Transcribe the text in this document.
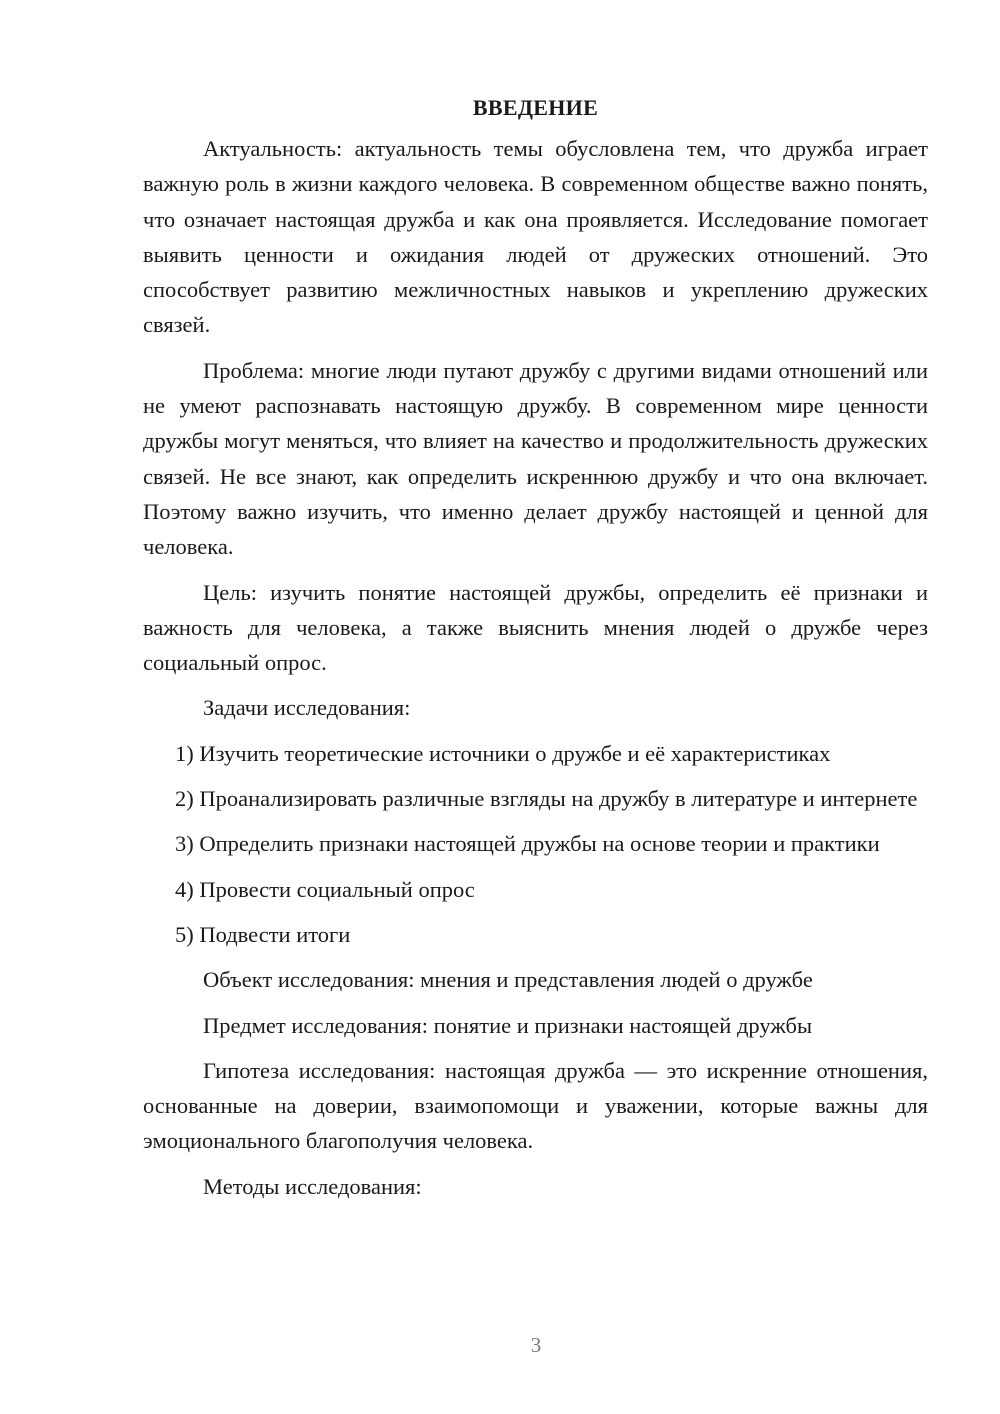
ВВЕДЕНИЕ

Актуальность: актуальность темы обусловлена тем, что дружба играет важную роль в жизни каждого человека. В современном обществе важно понять, что означает настоящая дружба и как она проявляется. Исследование помогает выявить ценности и ожидания людей от дружеских отношений. Это способствует развитию межличностных навыков и укреплению дружеских связей.

Проблема: многие люди путают дружбу с другими видами отношений или не умеют распознавать настоящую дружбу. В современном мире ценности дружбы могут меняться, что влияет на качество и продолжительность дружеских связей. Не все знают, как определить искреннюю дружбу и что она включает. Поэтому важно изучить, что именно делает дружбу настоящей и ценной для человека.

Цель: изучить понятие настоящей дружбы, определить её признаки и важность для человека, а также выяснить мнения людей о дружбе через социальный опрос.

Задачи исследования:

1) Изучить теоретические источники о дружбе и её характеристиках

2) Проанализировать различные взгляды на дружбу в литературе и интернете

3) Определить признаки настоящей дружбы на основе теории и практики

4) Провести социальный опрос

5) Подвести итоги

Объект исследования: мнения и представления людей о дружбе

Предмет исследования: понятие и признаки настоящей дружбы

Гипотеза исследования: настоящая дружба — это искренние отношения, основанные на доверии, взаимопомощи и уважении, которые важны для эмоционального благополучия человека.

Методы исследования:

3
